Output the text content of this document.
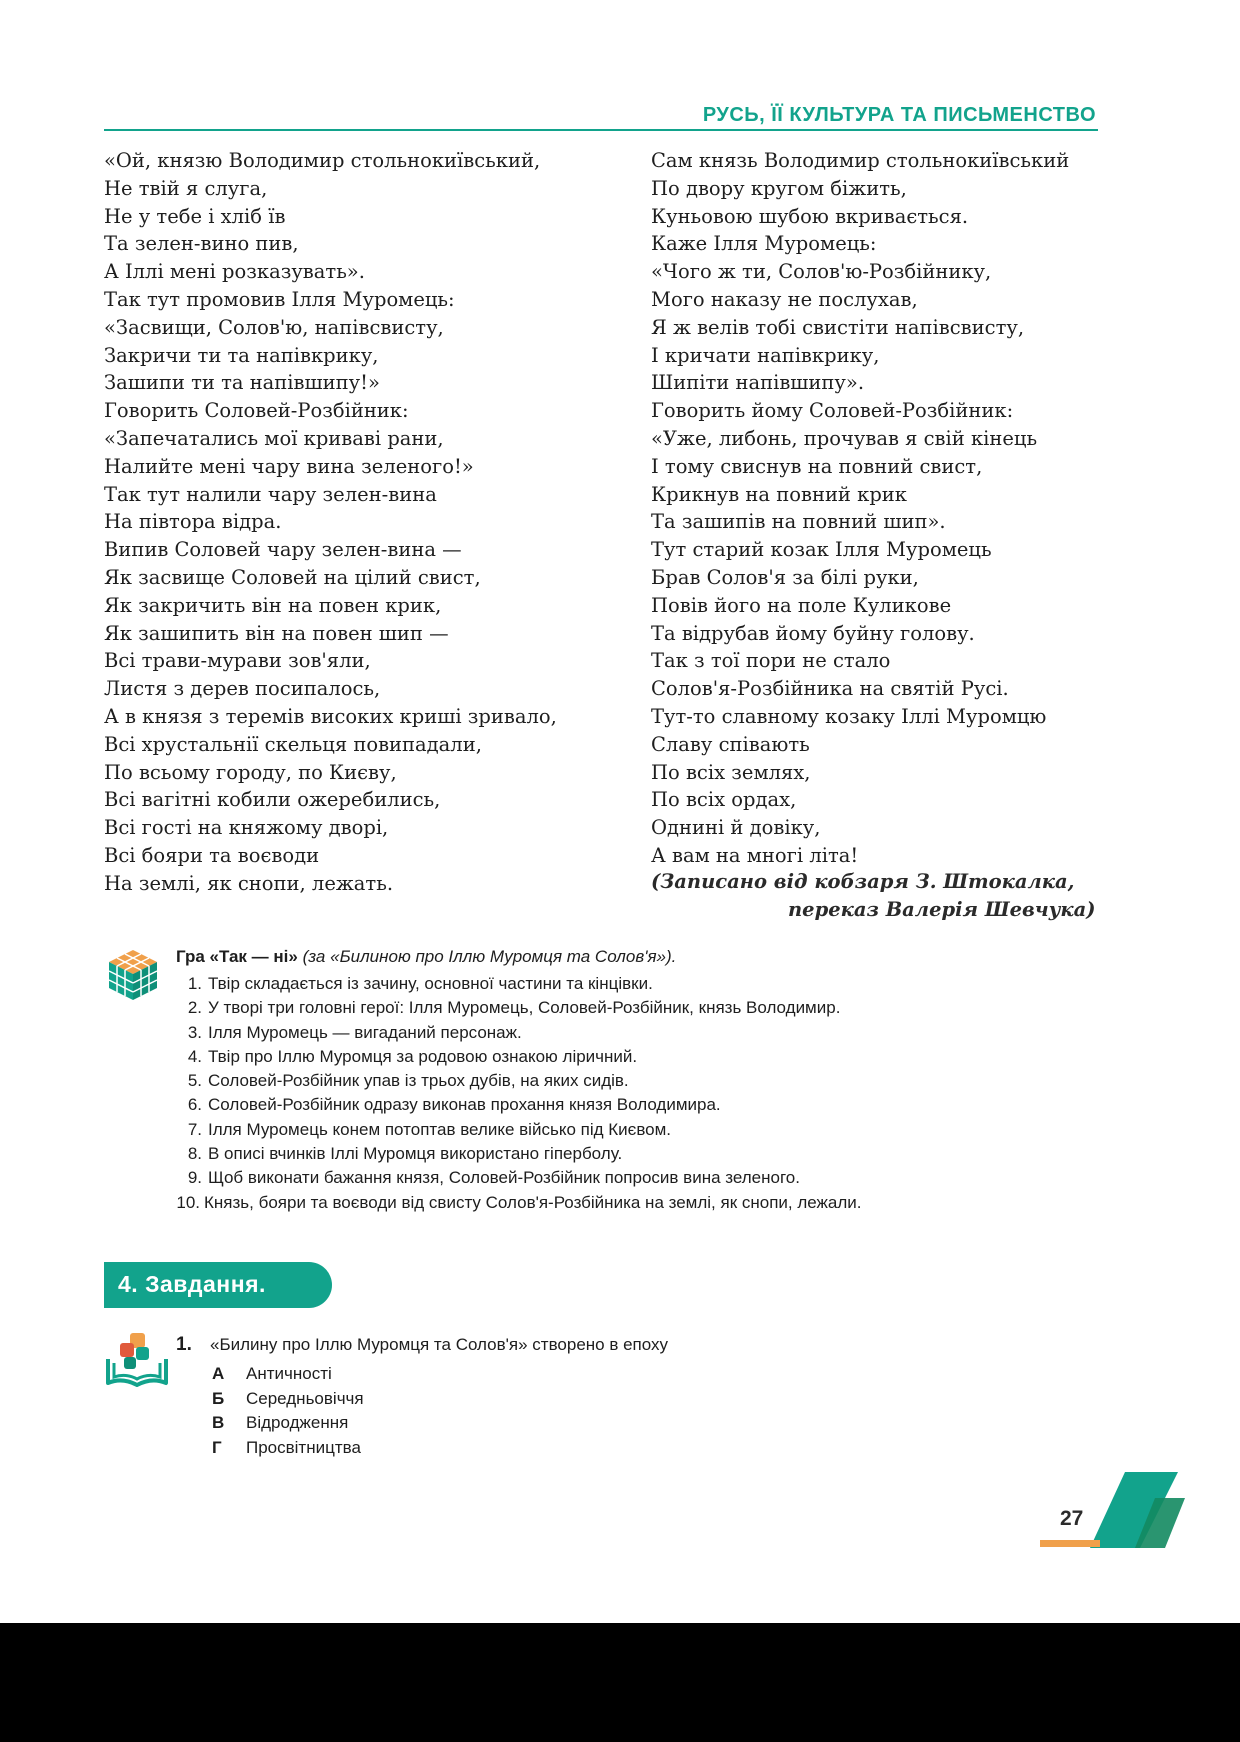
РУСЬ, ЇЇ КУЛЬТУРА ТА ПИСЬМЕНСТВО
«Ой, князю Володимир стольнокиївський,
Не твій я слуга,
Не у тебе і хліб їв
Та зелен-вино пив,
А Іллі мені розказувать».
Так тут промовив Ілля Муромець:
«Засвищи, Солов'ю, напівсвисту,
Закричи ти та напівкрику,
Зашипи ти та напівшипу!»
Говорить Соловей-Розбійник:
«Запечатались мої криваві рани,
Налийте мені чару вина зеленого!»
Так тут налили чару зелен-вина
На півтора відра.
Випив Соловей чару зелен-вина —
Як засвище Соловей на цілий свист,
Як закричить він на повен крик,
Як зашипить він на повен шип —
Всі трави-мурави зов'яли,
Листя з дерев посипалось,
А в князя з теремів високих криші зривало,
Всі хрустальнії скельця повипадали,
По всьому городу, по Києву,
Всі вагітні кобили ожеребились,
Всі гості на княжому дворі,
Всі бояри та воєводи
На землі, як снопи, лежать.
Сам князь Володимир стольнокиївський
По двору кругом біжить,
Куньовою шубою вкривається.
Каже Ілля Муромець:
«Чого ж ти, Солов'ю-Розбійнику,
Мого наказу не послухав,
Я ж велів тобі свистіти напівсвисту,
І кричати напівкрику,
Шипіти напівшипу».
Говорить йому Соловей-Розбійник:
«Уже, либонь, прочував я свій кінець
І тому свиснув на повний свист,
Крикнув на повний крик
Та зашипів на повний шип».
Тут старий козак Ілля Муромець
Брав Солов'я за білі руки,
Повів його на поле Куликове
Та відрубав йому буйну голову.
Так з тої пори не стало
Солов'я-Розбійника на святій Русі.
Тут-то славному козаку Іллі Муромцю
Славу співають
По всіх землях,
По всіх ордах,
Однині й довіку,
А вам на многі літа!
(Записано від кобзаря З. Штокалка,
переказ Валерія Шевчука)
Гра «Так — ні» (за «Билиною про Іллю Муромця та Солов'я»).
1. Твір складається із зачину, основної частини та кінцівки.
2. У творі три головні герої: Ілля Муромець, Соловей-Розбійник, князь Володимир.
3. Ілля Муромець — вигаданий персонаж.
4. Твір про Іллю Муромця за родовою ознакою ліричний.
5. Соловей-Розбійник упав із трьох дубів, на яких сидів.
6. Соловей-Розбійник одразу виконав прохання князя Володимира.
7. Ілля Муромець конем потоптав велике військо під Києвом.
8. В описі вчинків Іллі Муромця використано гіперболу.
9. Щоб виконати бажання князя, Соловей-Розбійник попросив вина зеленого.
10. Князь, бояри та воєводи від свисту Солов'я-Розбійника на землі, як снопи, лежали.
4. Завдання.
1. «Билину про Іллю Муромця та Солов'я» створено в епоху
А Античності
Б Середньовіччя
В Відродження
Г Просвітництва
27
